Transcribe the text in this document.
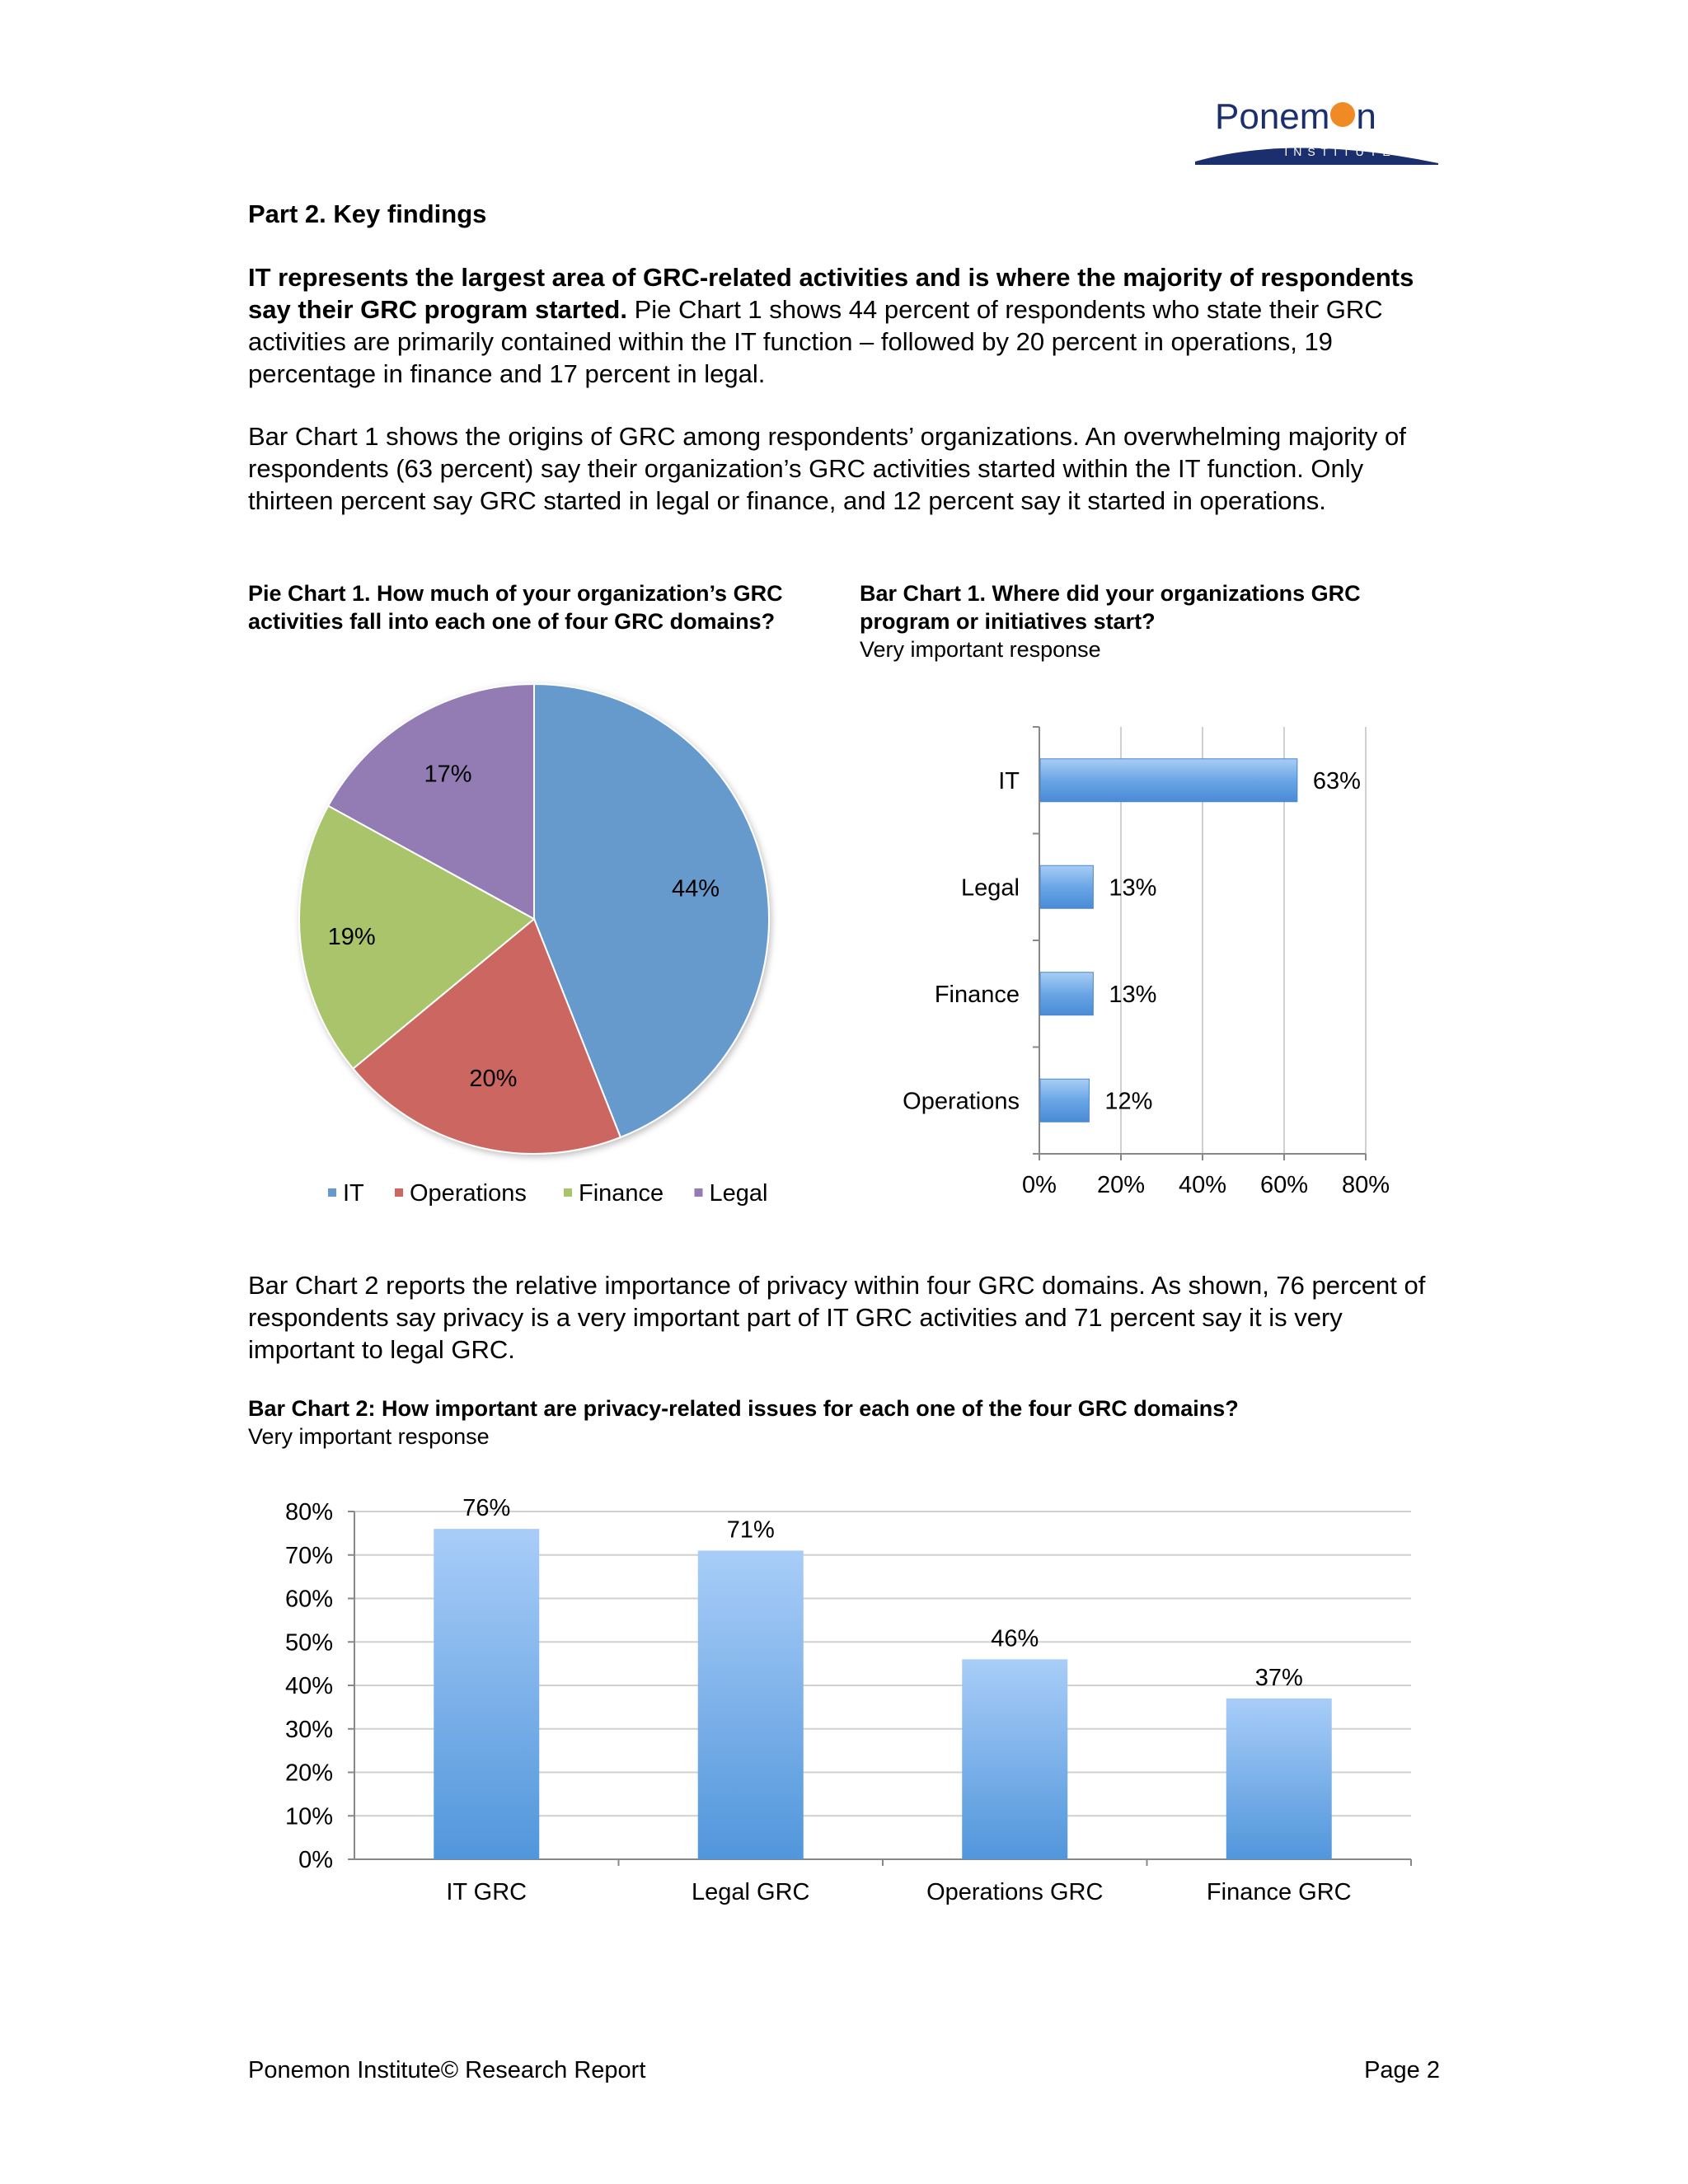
Ponem n
INSTITUTE
Part 2. Key findings
IT represents the largest area of GRC-related activities and is where the majority of respondents say their GRC program started. Pie Chart 1 shows 44 percent of respondents who state their GRC activities are primarily contained within the IT function – followed by 20 percent in operations, 19 percentage in finance and 17 percent in legal.
Bar Chart 1 shows the origins of GRC among respondents’ organizations. An overwhelming majority of respondents (63 percent) say their organization’s GRC activities started within the IT function. Only thirteen percent say GRC started in legal or finance, and 12 percent say it started in operations.
Pie Chart 1. How much of your organization’s GRC activities fall into each one of four GRC domains?
Bar Chart 1. Where did your organizations GRC program or initiatives start?
Very important response
44%
20%
19%
17%
IT Operations Finance Legal	0% 20% 40% 60% 80%
IT	63%
Legal	13%
Finance	13%
Operations	12%
Bar Chart 2 reports the relative importance of privacy within four GRC domains. As shown, 76 percent of respondents say privacy is a very important part of IT GRC activities and 71 percent say it is very important to legal GRC.
Bar Chart 2: How important are privacy-related issues for each one of the four GRC domains?
Very important response
0%
10%
20%
30%
40%
50%
60%
70%
80%	76%
IT GRC
71%
Legal GRC
46%
Operations GRC
37%
Finance GRC
Ponemon Institute© Research Report	Page 2
